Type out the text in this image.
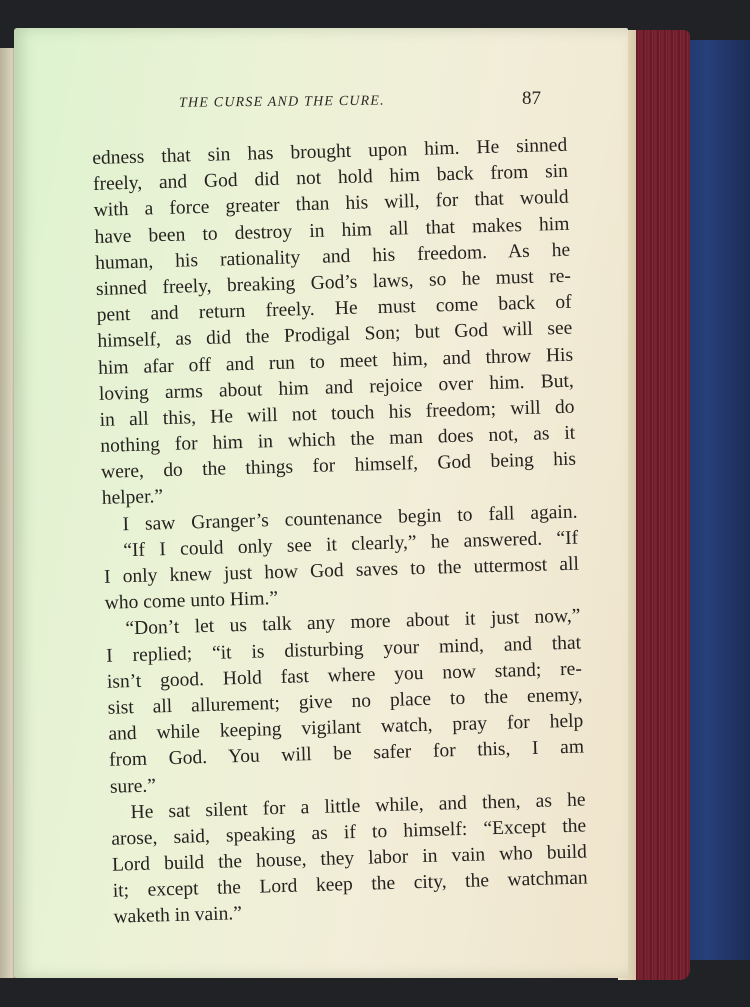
THE CURSE AND THE CURE.	87
edness that sin has brought upon him. He sinned
freely, and God did not hold him back from sin
with a force greater than his will, for that would
have been to destroy in him all that makes him
human, his rationality and his freedom. As he
sinned freely, breaking God’s laws, so he must re-
pent and return freely. He must come back of
himself, as did the Prodigal Son; but God will see
him afar off and run to meet him, and throw His
loving arms about him and rejoice over him. But,
in all this, He will not touch his freedom; will do
nothing for him in which the man does not, as it
were, do the things for himself, God being his
helper.”
I saw Granger’s countenance begin to fall again.
“If I could only see it clearly,” he answered. “If
I only knew just how God saves to the uttermost all
who come unto Him.”
“Don’t let us talk any more about it just now,”
I replied; “it is disturbing your mind, and that
isn’t good. Hold fast where you now stand; re-
sist all allurement; give no place to the enemy,
and while keeping vigilant watch, pray for help
from God. You will be safer for this, I am
sure.”
He sat silent for a little while, and then, as he
arose, said, speaking as if to himself: “Except the
Lord build the house, they labor in vain who build
it; except the Lord keep the city, the watchman
waketh in vain.”
